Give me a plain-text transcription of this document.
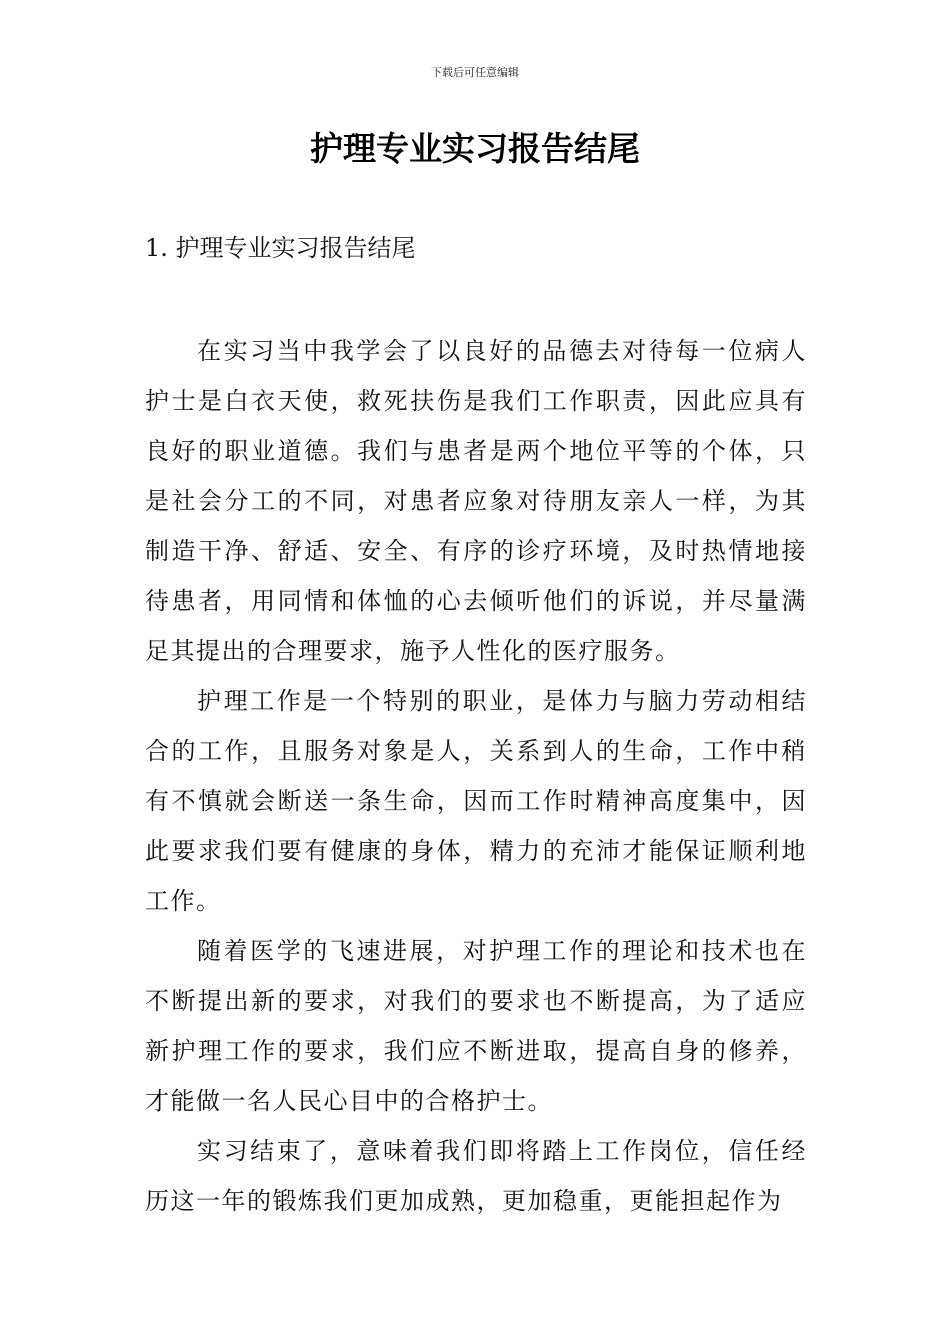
下载后可任意编辑
护理专业实习报告结尾
1. 护理专业实习报告结尾

在实习当中我学会了以良好的品德去对待每一位病人护士是白衣天使，救死扶伤是我们工作职责，因此应具有良好的职业道德。我们与患者是两个地位平等的个体，只是社会分工的不同，对患者应象对待朋友亲人一样，为其制造干净、舒适、安全、有序的诊疗环境，及时热情地接待患者，用同情和体恤的心去倾听他们的诉说，并尽量满足其提出的合理要求，施予人性化的医疗服务。

护理工作是一个特别的职业，是体力与脑力劳动相结合的工作，且服务对象是人，关系到人的生命，工作中稍有不慎就会断送一条生命，因而工作时精神高度集中，因此要求我们要有健康的身体，精力的充沛才能保证顺利地工作。

随着医学的飞速进展，对护理工作的理论和技术也在不断提出新的要求，对我们的要求也不断提高，为了适应新护理工作的要求，我们应不断进取，提高自身的修养，才能做一名人民心目中的合格护士。

实习结束了，意味着我们即将踏上工作岗位，信任经历这一年的锻炼我们更加成熟，更加稳重，更能担起作为
